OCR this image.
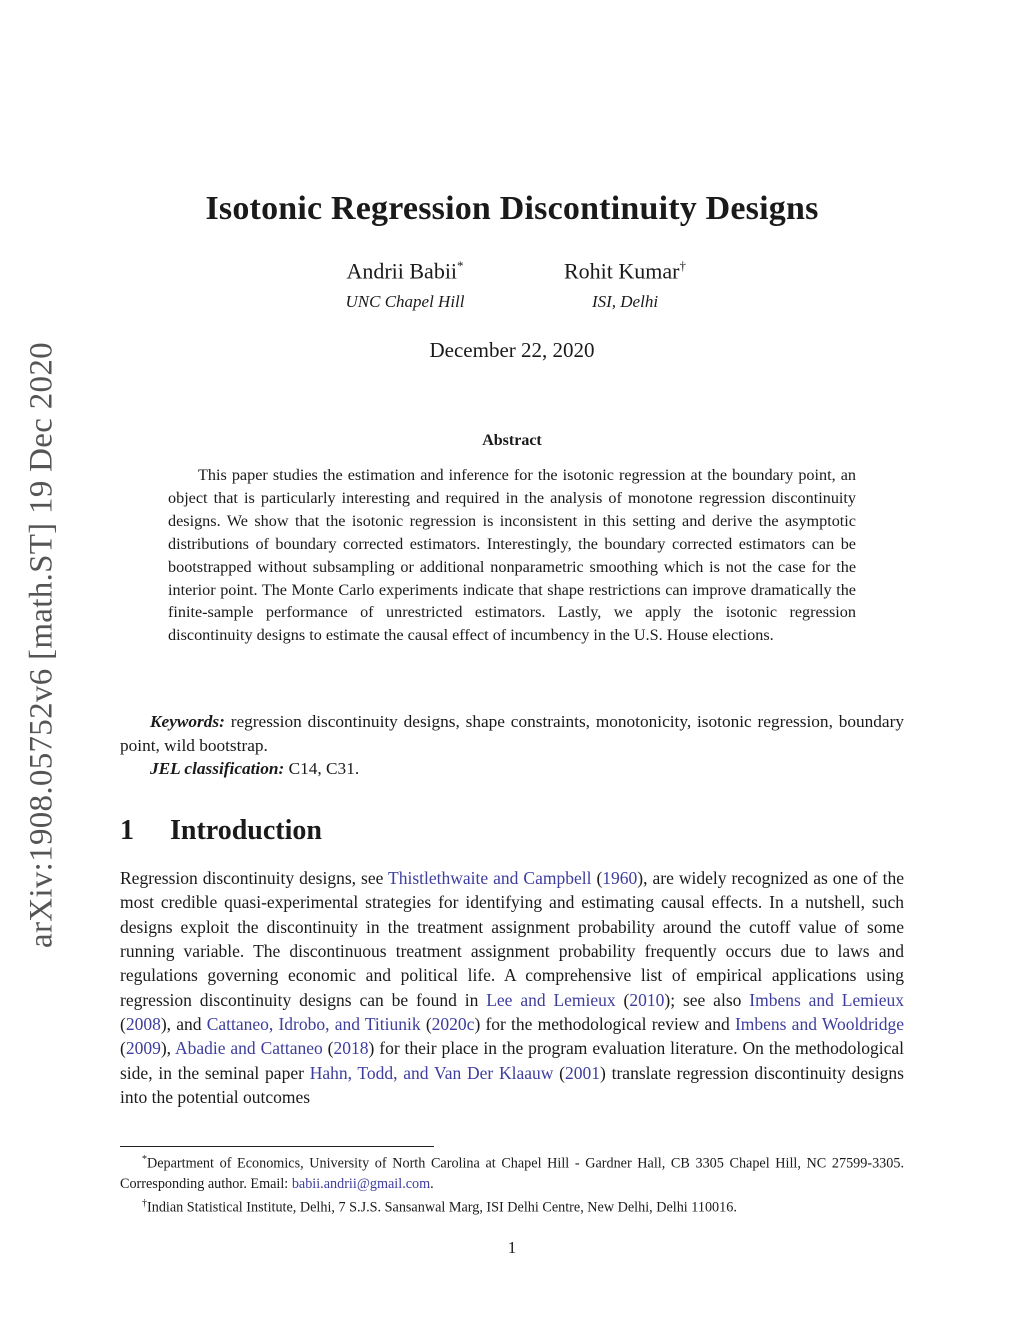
arXiv:1908.05752v6 [math.ST] 19 Dec 2020
Isotonic Regression Discontinuity Designs
Andrii Babii*
UNC Chapel Hill
Rohit Kumar†
ISI, Delhi
December 22, 2020
Abstract
This paper studies the estimation and inference for the isotonic regression at the boundary point, an object that is particularly interesting and required in the analysis of monotone regression discontinuity designs. We show that the isotonic regression is inconsistent in this setting and derive the asymptotic distributions of boundary corrected estimators. Interestingly, the boundary corrected estimators can be bootstrapped without subsampling or additional nonparametric smoothing which is not the case for the interior point. The Monte Carlo experiments indicate that shape restrictions can improve dramatically the finite-sample performance of unrestricted estimators. Lastly, we apply the isotonic regression discontinuity designs to estimate the causal effect of incumbency in the U.S. House elections.
Keywords: regression discontinuity designs, shape constraints, monotonicity, isotonic regression, boundary point, wild bootstrap.
JEL classification: C14, C31.
1 Introduction
Regression discontinuity designs, see Thistlethwaite and Campbell (1960), are widely recognized as one of the most credible quasi-experimental strategies for identifying and estimating causal effects. In a nutshell, such designs exploit the discontinuity in the treatment assignment probability around the cutoff value of some running variable. The discontinuous treatment assignment probability frequently occurs due to laws and regulations governing economic and political life. A comprehensive list of empirical applications using regression discontinuity designs can be found in Lee and Lemieux (2010); see also Imbens and Lemieux (2008), and Cattaneo, Idrobo, and Titiunik (2020c) for the methodological review and Imbens and Wooldridge (2009), Abadie and Cattaneo (2018) for their place in the program evaluation literature. On the methodological side, in the seminal paper Hahn, Todd, and Van Der Klaauw (2001) translate regression discontinuity designs into the potential outcomes

*Department of Economics, University of North Carolina at Chapel Hill - Gardner Hall, CB 3305 Chapel Hill, NC 27599-3305. Corresponding author. Email: babii.andrii@gmail.com.

†Indian Statistical Institute, Delhi, 7 S.J.S. Sansanwal Marg, ISI Delhi Centre, New Delhi, Delhi 110016.

1
